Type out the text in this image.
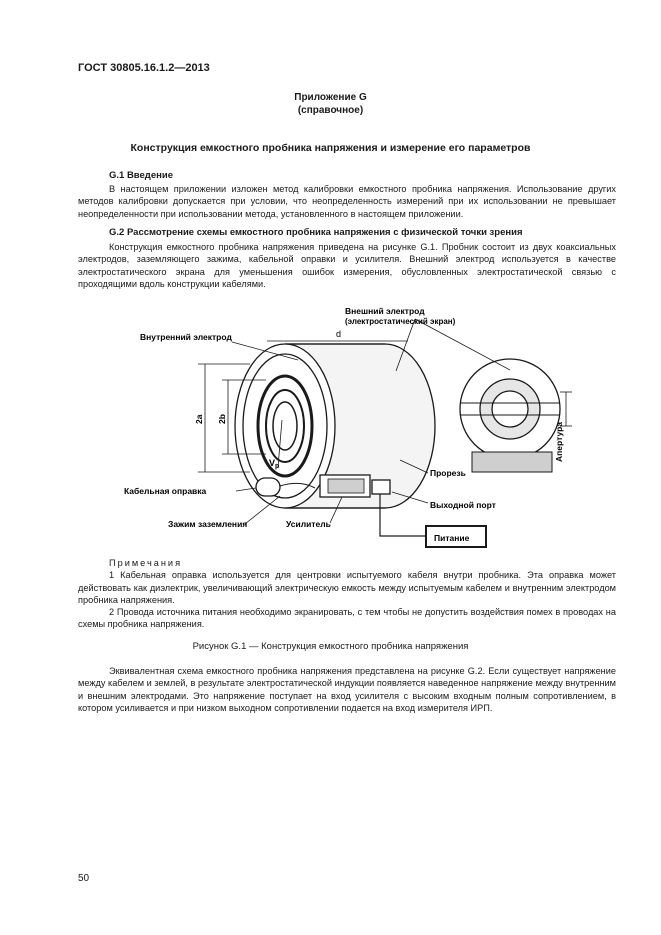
ГОСТ 30805.16.1.2—2013
Приложение G
(справочное)
Конструкция емкостного пробника напряжения и измерение его параметров
G.1 Введение

В настоящем приложении изложен метод калибровки емкостного пробника напряжения. Использование других методов калибровки допускается при условии, что неопределенность измерений при их использовании не превышает неопределенности при использовании метода, установленного в настоящем приложении.

G.2 Рассмотрение схемы емкостного пробника напряжения с физической точки зрения

Конструкция емкостного пробника напряжения приведена на рисунке G.1. Пробник состоит из двух коаксиальных электродов, заземляющего зажима, кабельной оправки и усилителя. Внешний электрод используется в качестве электростатического экрана для уменьшения ошибок измерения, обусловленных электростатической связью с проходящими вдоль конструкции кабелями.

Внешний электрод
(электростатический экран)
Внутренний электрод	d
2a 2b
$V_p$
Прорезь
Выходной порт
Кабельная оправка
Зажим заземления	Усилитель
Питание
Апертура
Примечания

1 Кабельная оправка используется для центровки испытуемого кабеля внутри пробника. Эта оправка может действовать как диэлектрик, увеличивающий электрическую емкость между испытуемым кабелем и внутренним электродом пробника напряжения.

2 Провода источника питания необходимо экранировать, с тем чтобы не допустить воздействия помех в проводах на схемы пробника напряжения.

Рисунок G.1 — Конструкция емкостного пробника напряжения

Эквивалентная схема емкостного пробника напряжения представлена на рисунке G.2. Если существует напряжение между кабелем и землей, в результате электростатической индукции появляется наведенное напряжение между внутренним и внешним электродами. Это напряжение поступает на вход усилителя с высоким входным полным сопротивлением, в котором усиливается и при низком выходном сопротивлении подается на вход измерителя ИРП.

50
